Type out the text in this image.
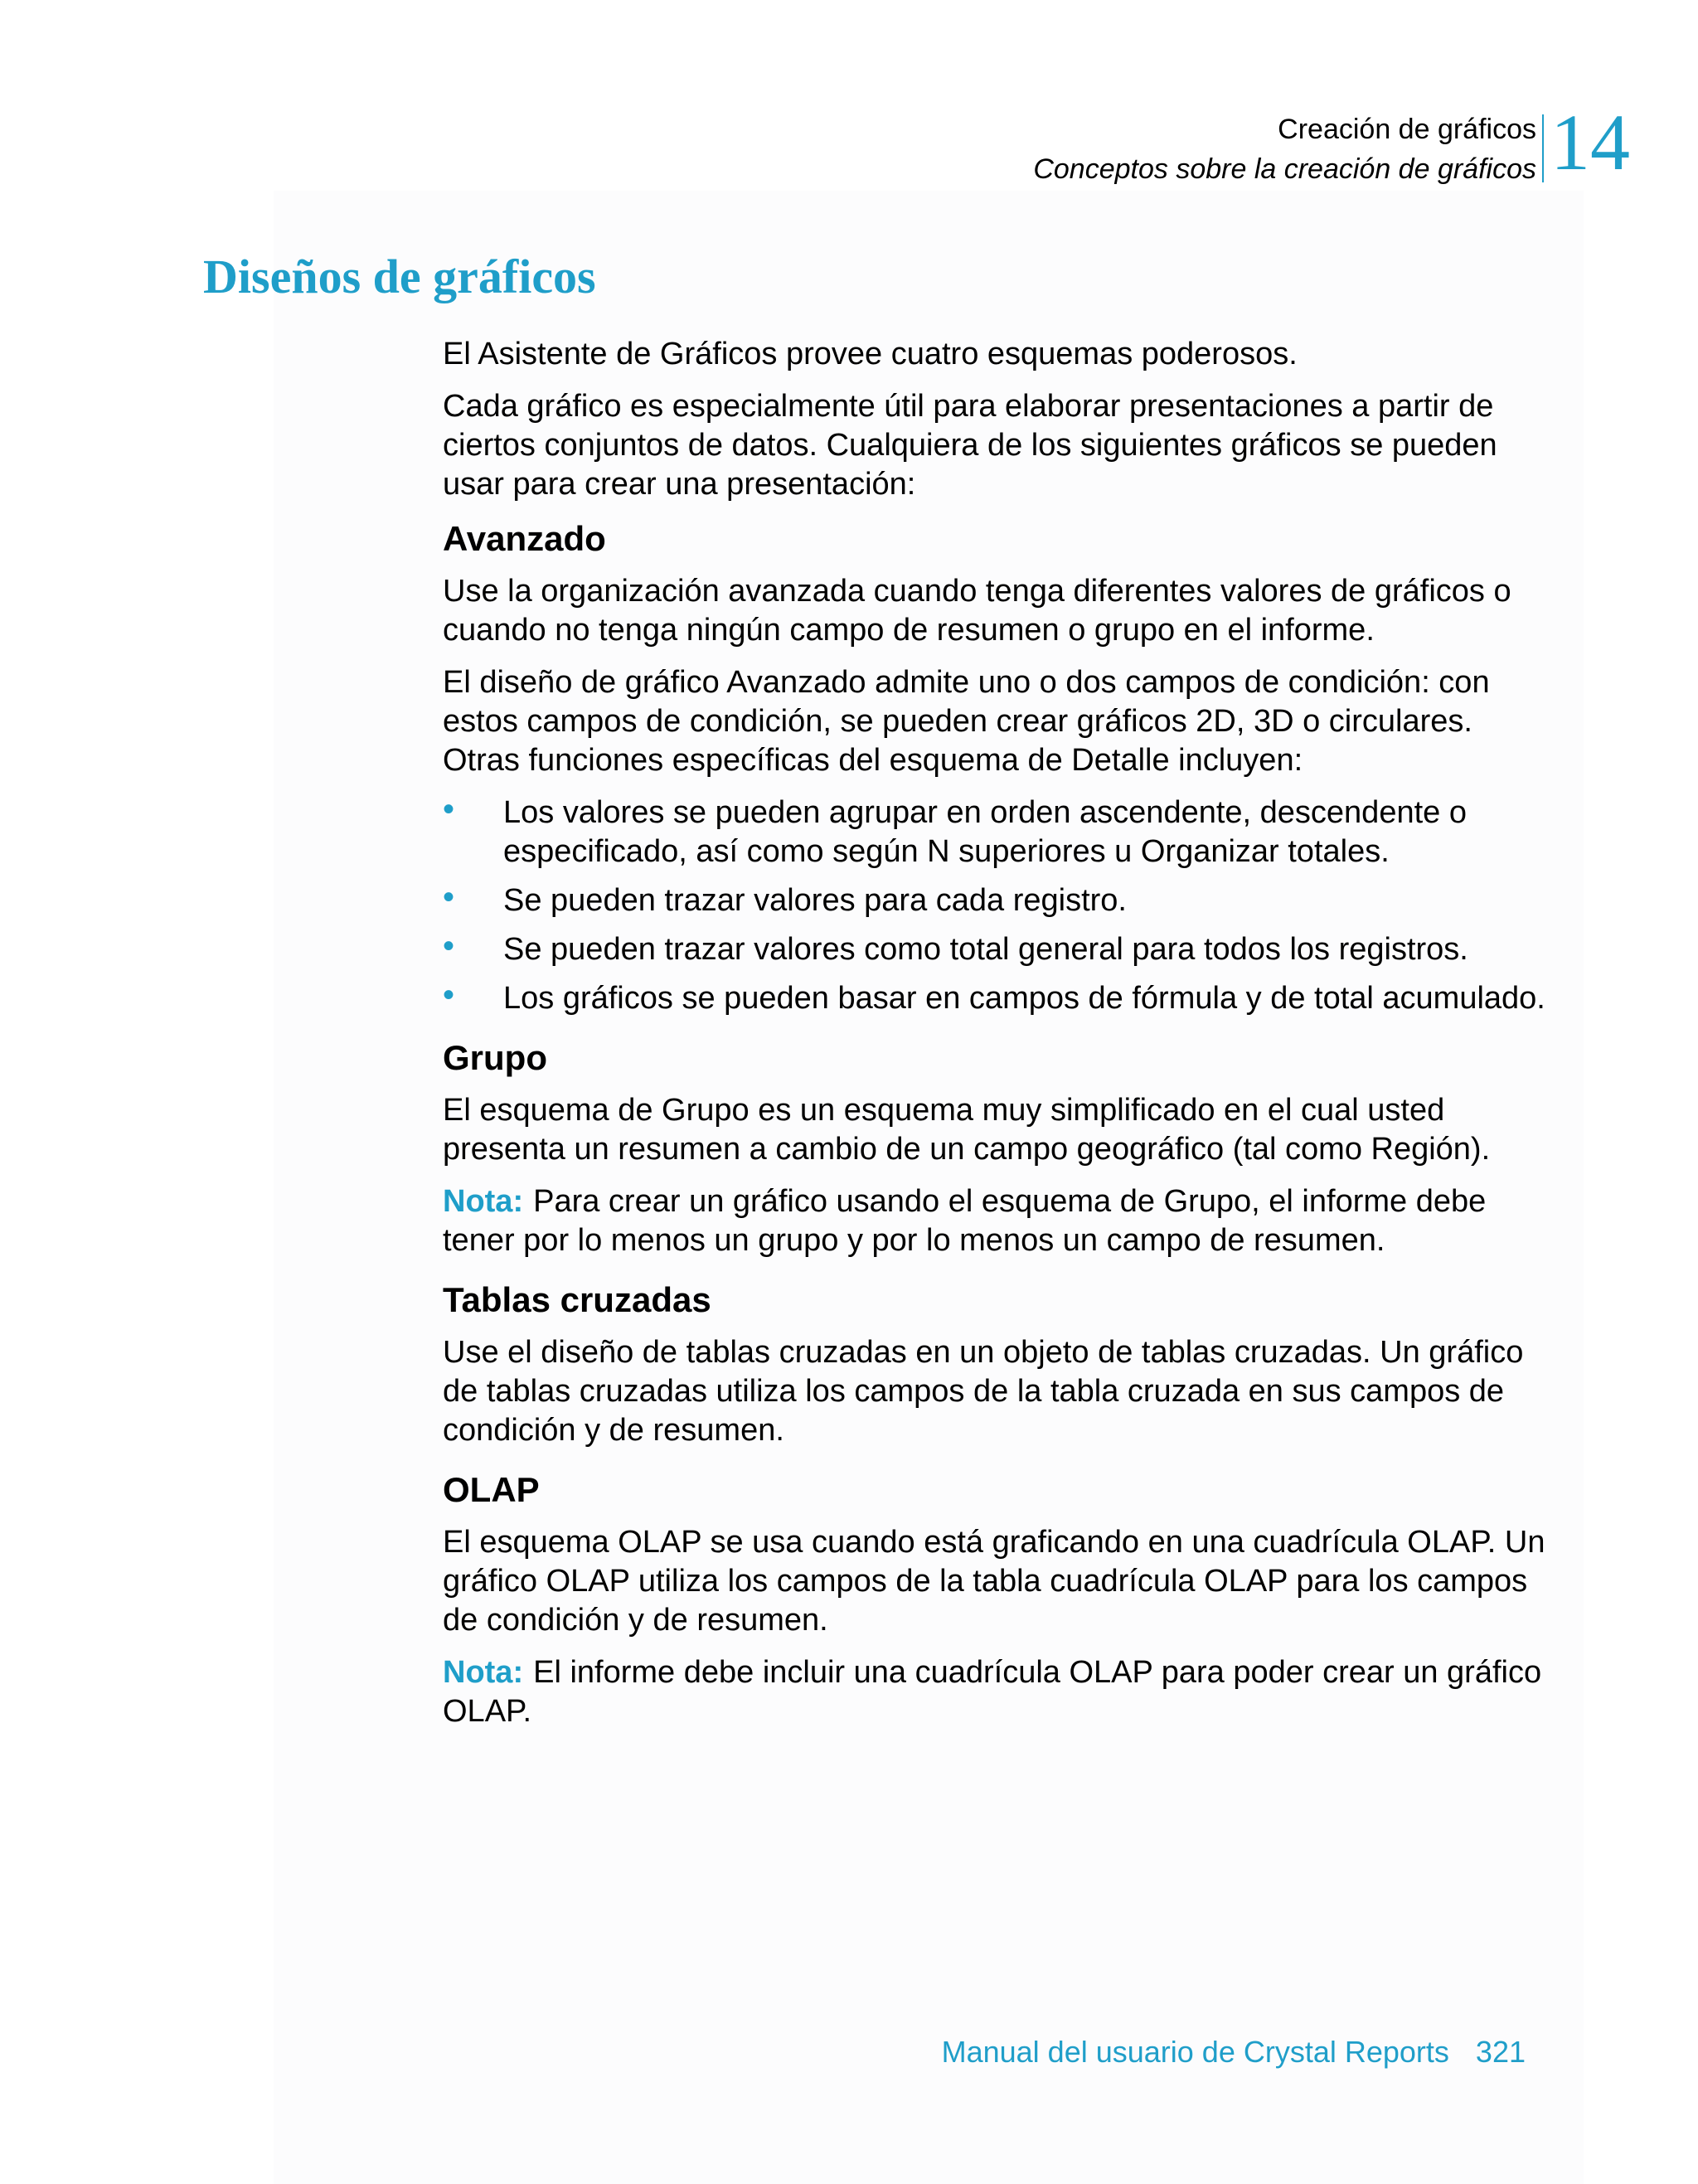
Creación de gráficos
Conceptos sobre la creación de gráficos 14
Diseños de gráficos

El Asistente de Gráficos provee cuatro esquemas poderosos.

Cada gráfico es especialmente útil para elaborar presentaciones a partir de ciertos conjuntos de datos. Cualquiera de los siguientes gráficos se pueden usar para crear una presentación:

Avanzado

Use la organización avanzada cuando tenga diferentes valores de gráficos o cuando no tenga ningún campo de resumen o grupo en el informe.

El diseño de gráfico Avanzado admite uno o dos campos de condición: con estos campos de condición, se pueden crear gráficos 2D, 3D o circulares. Otras funciones específicas del esquema de Detalle incluyen:

• Los valores se pueden agrupar en orden ascendente, descendente o especificado, así como según N superiores u Organizar totales.
• Se pueden trazar valores para cada registro.
• Se pueden trazar valores como total general para todos los registros.
• Los gráficos se pueden basar en campos de fórmula y de total acumulado.
Grupo

El esquema de Grupo es un esquema muy simplificado en el cual usted presenta un resumen a cambio de un campo geográfico (tal como Región).

Nota: Para crear un gráfico usando el esquema de Grupo, el informe debe tener por lo menos un grupo y por lo menos un campo de resumen.

Tablas cruzadas

Use el diseño de tablas cruzadas en un objeto de tablas cruzadas. Un gráfico de tablas cruzadas utiliza los campos de la tabla cruzada en sus campos de condición y de resumen.

OLAP

El esquema OLAP se usa cuando está graficando en una cuadrícula OLAP. Un gráfico OLAP utiliza los campos de la tabla cuadrícula OLAP para los campos de condición y de resumen.

Nota: El informe debe incluir una cuadrícula OLAP para poder crear un gráfico OLAP.

Manual del usuario de Crystal Reports 321
